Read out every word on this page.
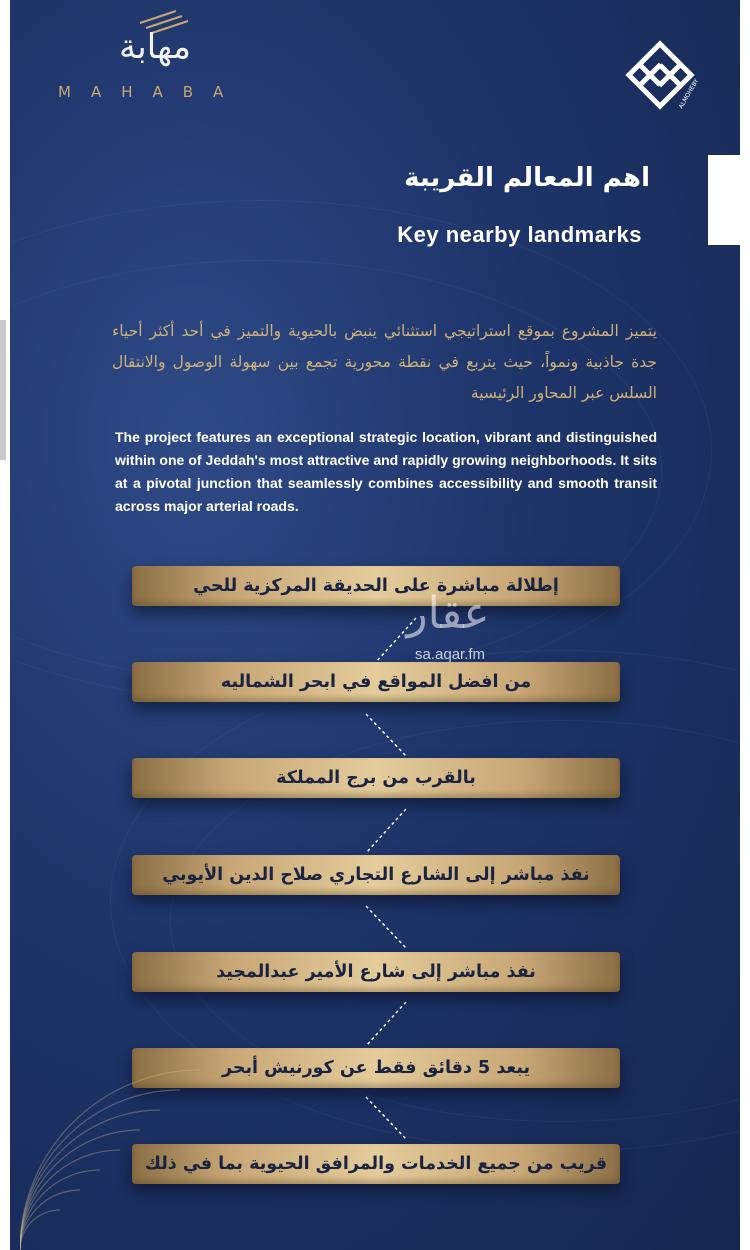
مهابة
MAHABA	ALMOHEBY
اهم المعالم القريبة
Key nearby landmarks
يتميز المشروع بموقع استراتيجي استثنائي ينبض بالحيوية والتميز في أحد أكثر أحياء جدة جاذبية ونمواً، حيث يتربع في نقطة محورية تجمع بين سهولة الوصول والانتقال السلس عبر المحاور الرئيسية
The project features an exceptional strategic location, vibrant and distinguished within one of Jeddah's most attractive and rapidly growing neighborhoods. It sits at a pivotal junction that seamlessly combines accessibility and smooth transit across major arterial roads.
إطلالة مباشرة على الحديقة المركزية للحي
من افضل المواقع في ابحر الشماليه
بالقرب من برج المملكة
نفذ مباشر إلى الشارع التجاري صلاح الدين الأيوبي
نفذ مباشر إلى شارع الأمير عبدالمجيد
يبعد 5 دقائق فقط عن كورنيش أبحر
قريب من جميع الخدمات والمرافق الحيوية بما في ذلك
عقار
sa.aqar.fm
